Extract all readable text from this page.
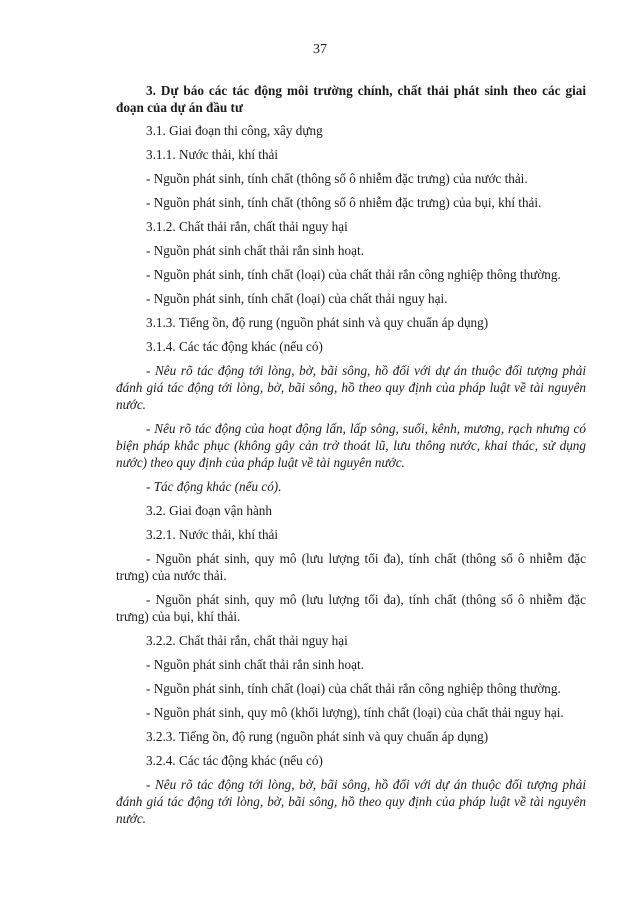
37

3. Dự báo các tác động môi trường chính, chất thải phát sinh theo các giai đoạn của dự án đầu tư

3.1. Giai đoạn thi công, xây dựng

3.1.1. Nước thải, khí thải

- Nguồn phát sinh, tính chất (thông số ô nhiễm đặc trưng) của nước thải.

- Nguồn phát sinh, tính chất (thông số ô nhiễm đặc trưng) của bụi, khí thải.

3.1.2. Chất thải rắn, chất thải nguy hại

- Nguồn phát sinh chất thải rắn sinh hoạt.

- Nguồn phát sinh, tính chất (loại) của chất thải rắn công nghiệp thông thường.

- Nguồn phát sinh, tính chất (loại) của chất thải nguy hại.

3.1.3. Tiếng ồn, độ rung (nguồn phát sinh và quy chuẩn áp dụng)

3.1.4. Các tác động khác (nếu có)

- Nêu rõ tác động tới lòng, bờ, bãi sông, hồ đối với dự án thuộc đối tượng phải đánh giá tác động tới lòng, bờ, bãi sông, hồ theo quy định của pháp luật về tài nguyên nước.

- Nêu rõ tác động của hoạt động lấn, lấp sông, suối, kênh, mương, rạch nhưng có biện pháp khắc phục (không gây cản trở thoát lũ, lưu thông nước, khai thác, sử dụng nước) theo quy định của pháp luật về tài nguyên nước.

- Tác động khác (nếu có).

3.2. Giai đoạn vận hành

3.2.1. Nước thải, khí thải

- Nguồn phát sinh, quy mô (lưu lượng tối đa), tính chất (thông số ô nhiễm đặc trưng) của nước thải.

- Nguồn phát sinh, quy mô (lưu lượng tối đa), tính chất (thông số ô nhiễm đặc trưng) của bụi, khí thải.

3.2.2. Chất thải rắn, chất thải nguy hại

- Nguồn phát sinh chất thải rắn sinh hoạt.

- Nguồn phát sinh, tính chất (loại) của chất thải rắn công nghiệp thông thường.

- Nguồn phát sinh, quy mô (khối lượng), tính chất (loại) của chất thải nguy hại.

3.2.3. Tiếng ồn, độ rung (nguồn phát sinh và quy chuẩn áp dụng)

3.2.4. Các tác động khác (nếu có)

- Nêu rõ tác động tới lòng, bờ, bãi sông, hồ đối với dự án thuộc đối tượng phải đánh giá tác động tới lòng, bờ, bãi sông, hồ theo quy định của pháp luật về tài nguyên nước.
